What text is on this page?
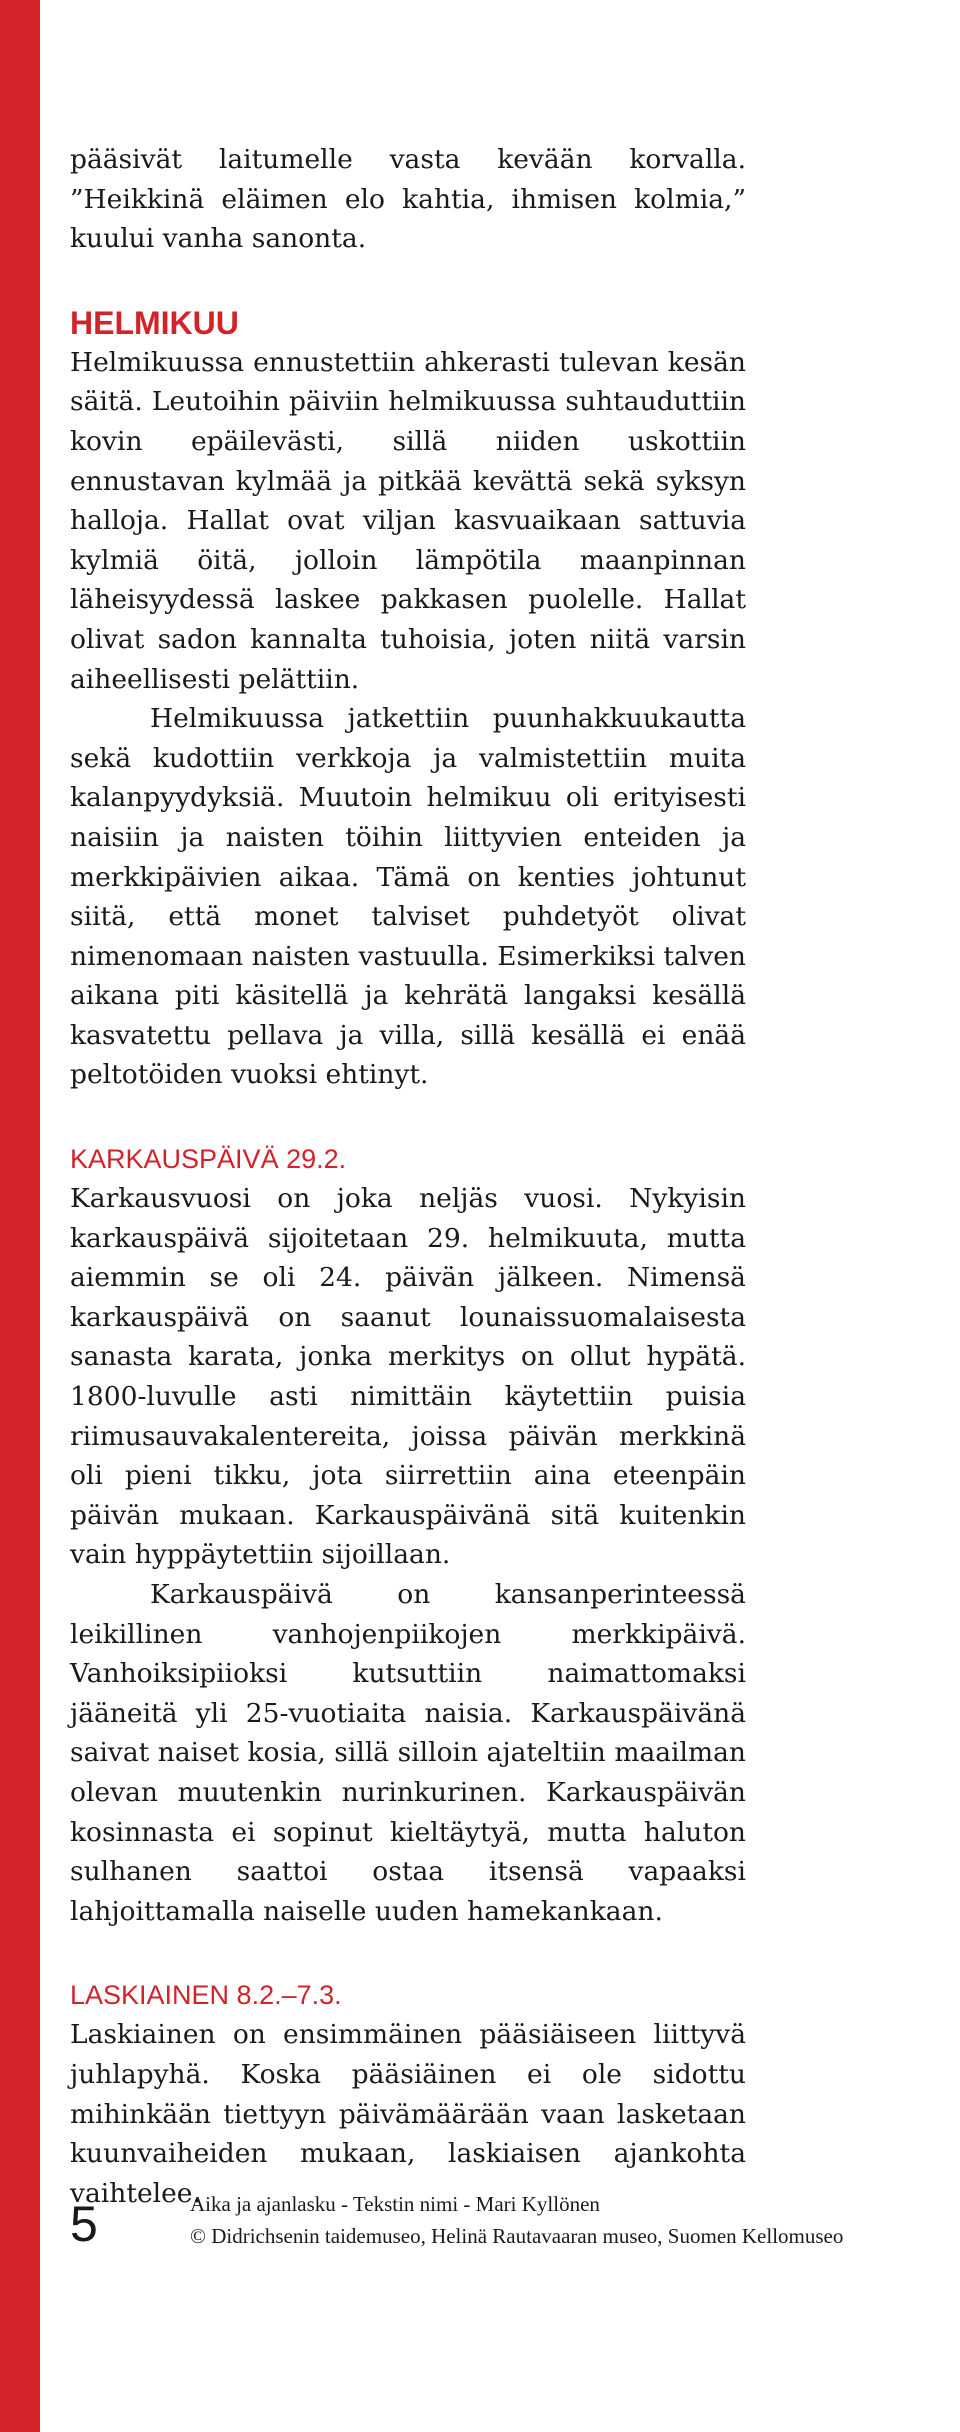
pääsivät laitumelle vasta kevään korvalla. ”Heikkinä eläimen elo kahtia, ihmisen kolmia,” kuului vanha sanonta.

HELMIKUU

Helmikuussa ennustettiin ahkerasti tulevan kesän säitä. Leutoihin päiviin helmikuussa suhtauduttiin kovin epäilevästi, sillä niiden uskottiin ennustavan kylmää ja pitkää kevättä sekä syksyn halloja. Hallat ovat viljan kasvuaikaan sattuvia kylmiä öitä, jolloin lämpötila maanpinnan läheisyydessä laskee pakkasen puolelle. Hallat olivat sadon kannalta tuhoisia, joten niitä varsin aiheellisesti pelättiin.

Helmikuussa jatkettiin puunhakkuukautta sekä kudottiin verkkoja ja valmistettiin muita kalanpyydyksiä. Muutoin helmikuu oli erityisesti naisiin ja naisten töihin liittyvien enteiden ja merkkipäivien aikaa. Tämä on kenties johtunut siitä, että monet talviset puhdetyöt olivat nimenomaan naisten vastuulla. Esimerkiksi talven aikana piti käsitellä ja kehrätä langaksi kesällä kasvatettu pellava ja villa, sillä kesällä ei enää peltotöiden vuoksi ehtinyt.

KARKAUSPÄIVÄ 29.2.

Karkausvuosi on joka neljäs vuosi. Nykyisin karkauspäivä sijoitetaan 29. helmikuuta, mutta aiemmin se oli 24. päivän jälkeen. Nimensä karkauspäivä on saanut lounaissuomalaisesta sanasta karata, jonka merkitys on ollut hypätä. 1800-luvulle asti nimittäin käytettiin puisia riimusauvakalentereita, joissa päivän merkkinä oli pieni tikku, jota siirrettiin aina eteenpäin päivän mukaan. Karkauspäivänä sitä kuitenkin vain hyppäytettiin sijoillaan.

Karkauspäivä on kansanperinteessä leikillinen vanhojenpiikojen merkkipäivä. Vanhoiksipiioksi kutsuttiin naimattomaksi jääneitä yli 25-vuotiaita naisia. Karkauspäivänä saivat naiset kosia, sillä silloin ajateltiin maailman olevan muutenkin nurinkurinen. Karkauspäivän kosinnasta ei sopinut kieltäytyä, mutta haluton sulhanen saattoi ostaa itsensä vapaaksi lahjoittamalla naiselle uuden hamekankaan.

LASKIAINEN 8.2.–7.3.

Laskiainen on ensimmäinen pääsiäiseen liittyvä juhlapyhä. Koska pääsiäinen ei ole sidottu mihinkään tiettyyn päivämäärään vaan lasketaan kuunvaiheiden mukaan, laskiaisen ajankohta vaihtelee.

5	Aika ja ajanlasku - Tekstin nimi - Mari Kyllönen
© Didrichsenin taidemuseo, Helinä Rautavaaran museo, Suomen Kellomuseo
